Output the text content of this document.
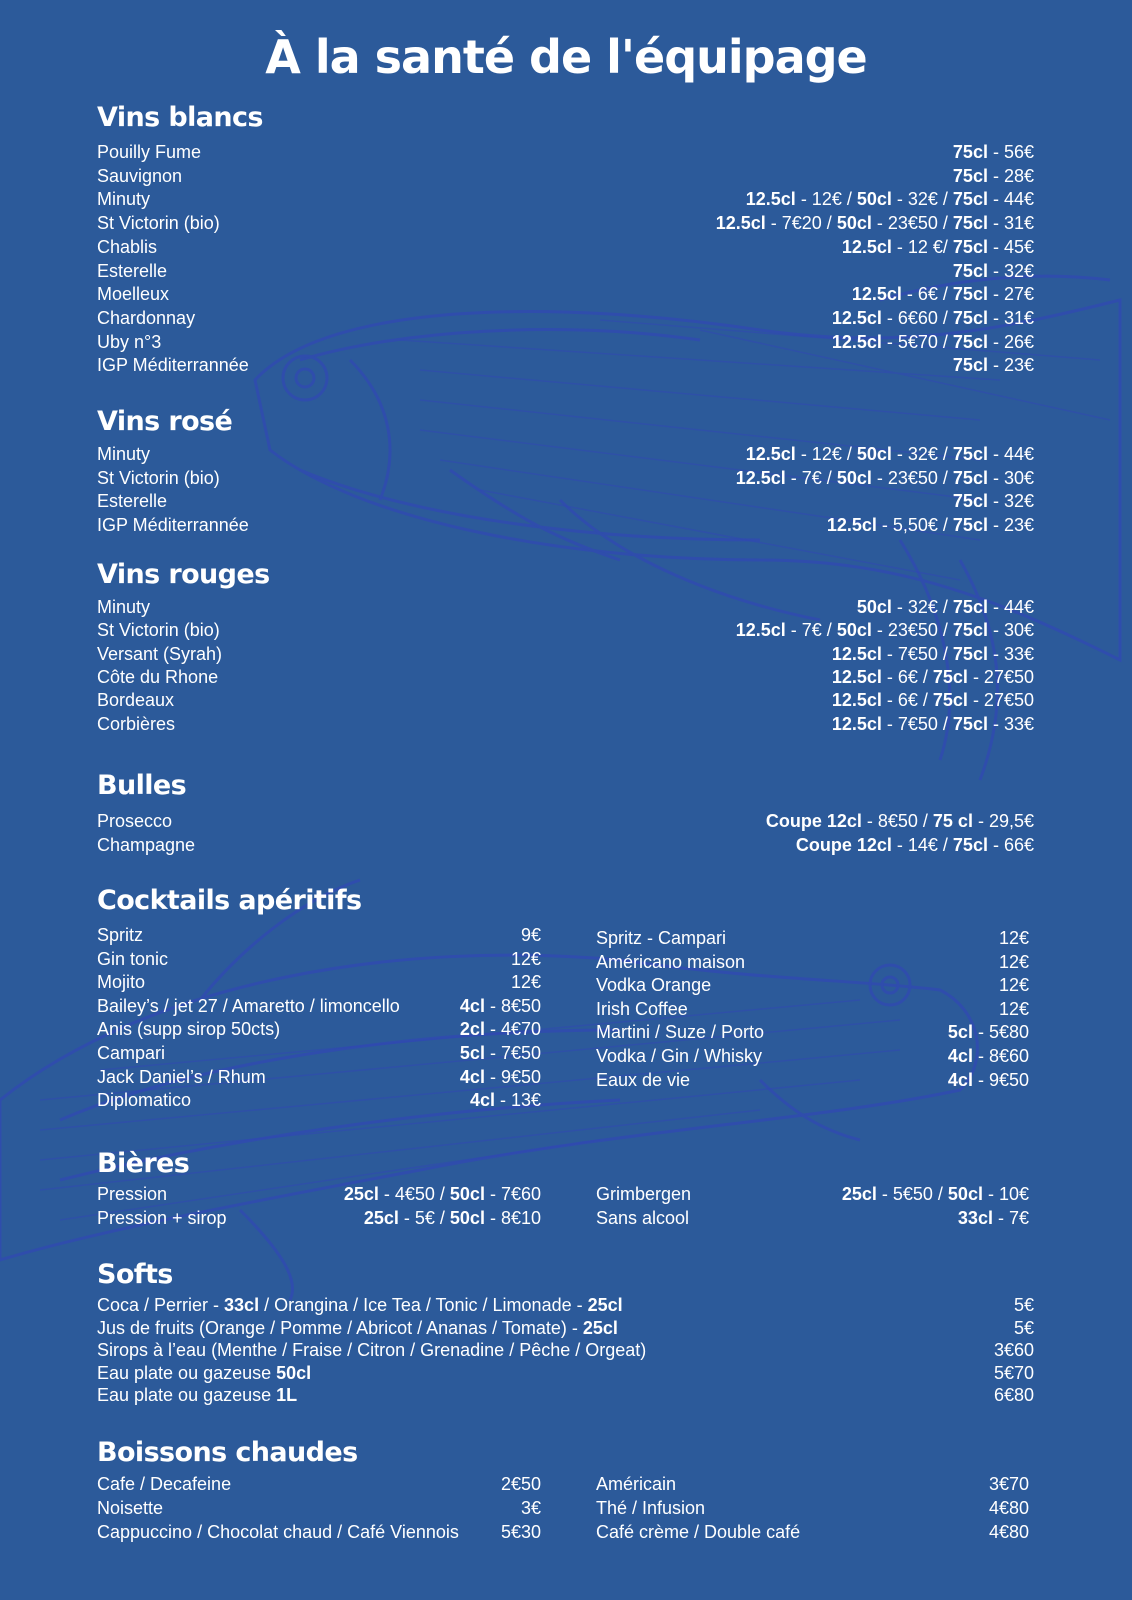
À la santé de l'équipage
Vins blancs
Pouilly Fume	75cl - 56€
Sauvignon	75cl - 28€
Minuty	12.5cl - 12€ / 50cl - 32€ / 75cl - 44€
St Victorin (bio)	12.5cl - 7€20 / 50cl - 23€50 / 75cl - 31€
Chablis	12.5cl - 12 €/ 75cl - 45€
Esterelle	75cl - 32€
Moelleux	12.5cl - 6€ / 75cl - 27€
Chardonnay	12.5cl - 6€60 / 75cl - 31€
Uby n°3	12.5cl - 5€70 / 75cl - 26€
IGP Méditerrannée	75cl - 23€
Vins rosé
Minuty	12.5cl - 12€ / 50cl - 32€ / 75cl - 44€
St Victorin (bio)	12.5cl - 7€ / 50cl - 23€50 / 75cl - 30€
Esterelle	75cl - 32€
IGP Méditerrannée	12.5cl - 5,50€ / 75cl - 23€
Vins rouges
Minuty	50cl - 32€ / 75cl - 44€
St Victorin (bio)	12.5cl - 7€ / 50cl - 23€50 / 75cl - 30€
Versant (Syrah)	12.5cl - 7€50 / 75cl - 33€
Côte du Rhone	12.5cl - 6€ / 75cl - 27€50
Bordeaux	12.5cl - 6€ / 75cl - 27€50
Corbières	12.5cl - 7€50 / 75cl - 33€
Bulles
Prosecco	Coupe 12cl - 8€50 / 75 cl - 29,5€
Champagne	Coupe 12cl - 14€ / 75cl - 66€
Cocktails apéritifs
Spritz	9€
Gin tonic	12€
Mojito	12€
Bailey’s / jet 27 / Amaretto / limoncello	4cl - 8€50
Anis (supp sirop 50cts)	2cl - 4€70
Campari	5cl - 7€50
Jack Daniel’s / Rhum	4cl - 9€50
Diplomatico	4cl - 13€
Spritz - Campari	12€
Américano maison	12€
Vodka Orange	12€
Irish Coffee	12€
Martini / Suze / Porto	5cl - 5€80
Vodka / Gin / Whisky	4cl - 8€60
Eaux de vie	4cl - 9€50
Bières
Pression	25cl - 4€50 / 50cl - 7€60
Pression + sirop	25cl - 5€ / 50cl - 8€10
Grimbergen	25cl - 5€50 / 50cl - 10€
Sans alcool	33cl - 7€
Softs
Coca / Perrier - 33cl / Orangina / Ice Tea / Tonic / Limonade - 25cl	5€
Jus de fruits (Orange / Pomme / Abricot / Ananas / Tomate) - 25cl	5€
Sirops à l’eau (Menthe / Fraise / Citron / Grenadine / Pêche / Orgeat)	3€60
Eau plate ou gazeuse 50cl	5€70
Eau plate ou gazeuse 1L	6€80
Boissons chaudes
Cafe / Decafeine	2€50
Noisette	3€
Cappuccino / Chocolat chaud / Café Viennois 5€30
Américain	3€70
Thé / Infusion	4€80
Café crème / Double café	4€80
